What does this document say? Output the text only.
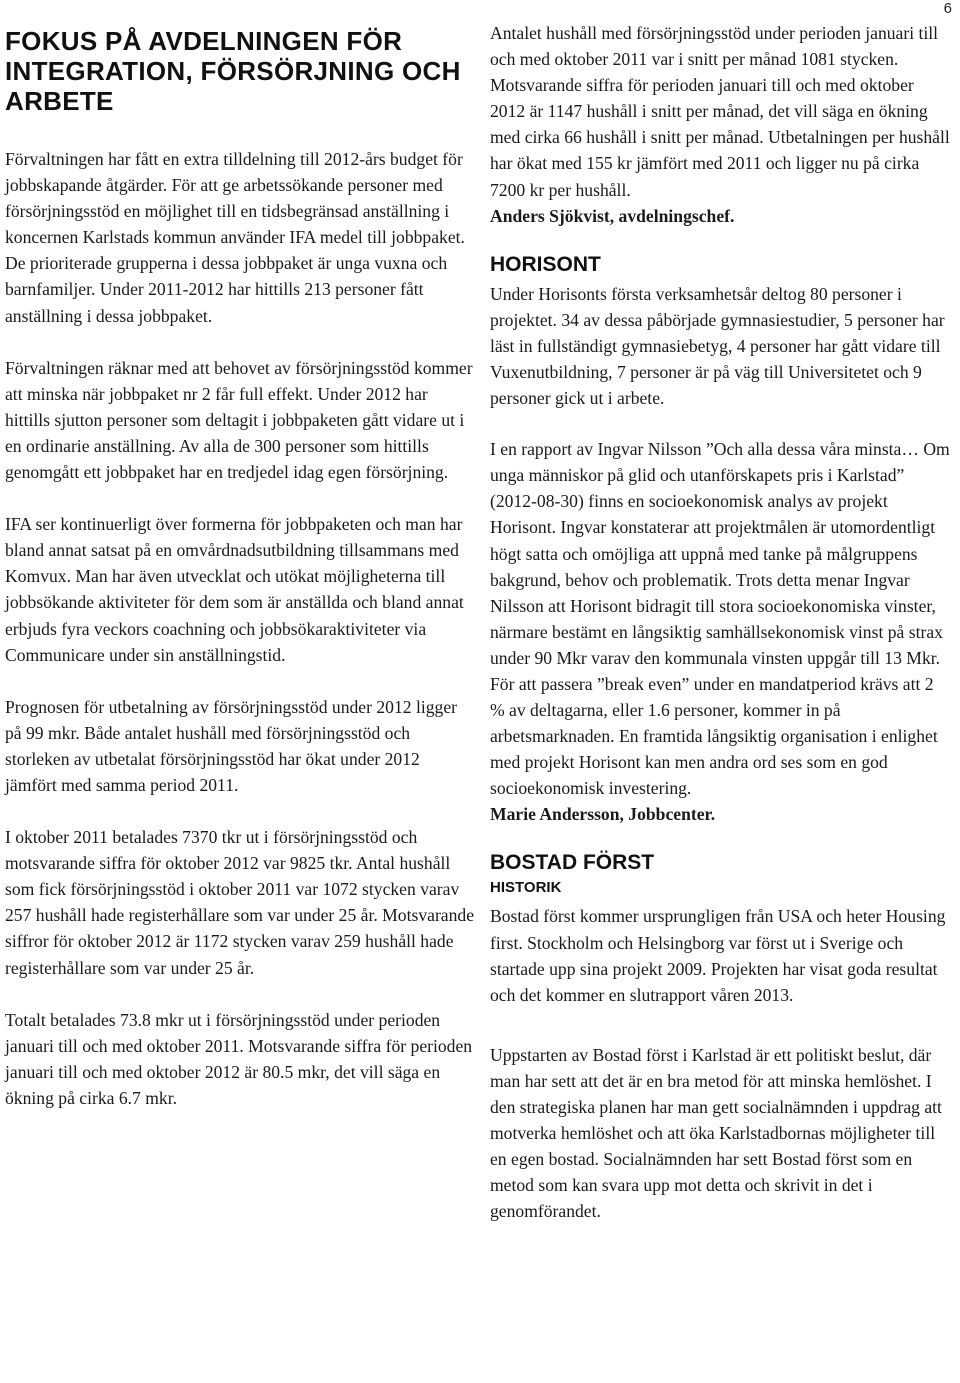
6
FOKUS PÅ AVDELNINGEN FÖR INTEGRATION, FÖRSÖRJNING OCH ARBETE

Förvaltningen har fått en extra tilldelning till 2012-års budget för jobbskapande åtgärder. För att ge arbetssökande personer med försörjningsstöd en möjlighet till en tidsbegränsad anställning i koncernen Karlstads kommun använder IFA medel till jobbpaket. De prioriterade grupperna i dessa jobbpaket är unga vuxna och barnfamiljer. Under 2011-2012 har hittills 213 personer fått anställning i dessa jobbpaket.

Förvaltningen räknar med att behovet av försörjningsstöd kommer att minska när jobbpaket nr 2 får full effekt. Under 2012 har hittills sjutton personer som deltagit i jobbpaketen gått vidare ut i en ordinarie anställning. Av alla de 300 personer som hittills genomgått ett jobbpaket har en tredjedel idag egen försörjning.

IFA ser kontinuerligt över formerna för jobbpaketen och man har bland annat satsat på en omvårdnadsutbildning tillsammans med Komvux. Man har även utvecklat och utökat möjligheterna till jobbsökande aktiviteter för dem som är anställda och bland annat erbjuds fyra veckors coachning och jobbsökaraktiviteter via Communicare under sin anställningstid.

Prognosen för utbetalning av försörjningsstöd under 2012 ligger på 99 mkr. Både antalet hushåll med försörjningsstöd och storleken av utbetalat försörjningsstöd har ökat under 2012 jämfört med samma period 2011.

I oktober 2011 betalades 7370 tkr ut i försörjningsstöd och motsvarande siffra för oktober 2012 var 9825 tkr. Antal hushåll som fick försörjningsstöd i oktober 2011 var 1072 stycken varav 257 hushåll hade registerhållare som var under 25 år. Motsvarande siffror för oktober 2012 är 1172 stycken varav 259 hushåll hade registerhållare som var under 25 år.

Totalt betalades 73.8 mkr ut i försörjningsstöd under perioden januari till och med oktober 2011. Motsvarande siffra för perioden januari till och med oktober 2012 är 80.5 mkr, det vill säga en ökning på cirka 6.7 mkr.

Antalet hushåll med försörjningsstöd under perioden januari till och med oktober 2011 var i snitt per månad 1081 stycken. Motsvarande siffra för perioden januari till och med oktober 2012 är 1147 hushåll i snitt per månad, det vill säga en ökning med cirka 66 hushåll i snitt per månad. Utbetalningen per hushåll har ökat med 155 kr jämfört med 2011 och ligger nu på cirka 7200 kr per hushåll.

Anders Sjökvist, avdelningschef.
HORISONT

Under Horisonts första verksamhetsår deltog 80 personer i projektet. 34 av dessa påbörjade gymnasiestudier, 5 personer har läst in fullständigt gymnasiebetyg, 4 personer har gått vidare till Vuxenutbildning, 7 personer är på väg till Universitetet och 9 personer gick ut i arbete.

I en rapport av Ingvar Nilsson ”Och alla dessa våra minsta… Om unga människor på glid och utanförskapets pris i Karlstad” (2012-08-30) finns en socioekonomisk analys av projekt Horisont. Ingvar konstaterar att projektmålen är utomordentligt högt satta och omöjliga att uppnå med tanke på målgruppens bakgrund, behov och problematik. Trots detta menar Ingvar Nilsson att Horisont bidragit till stora socioekonomiska vinster, närmare bestämt en långsiktig samhällsekonomisk vinst på strax under 90 Mkr varav den kommunala vinsten uppgår till 13 Mkr. För att passera ”break even” under en mandatperiod krävs att 2 % av deltagarna, eller 1.6 personer, kommer in på arbetsmarknaden. En framtida långsiktig organisation i enlighet med projekt Horisont kan men andra ord ses som en god socioekonomisk investering.

Marie Andersson, Jobbcenter.
BOSTAD FÖRST
HISTORIK

Bostad först kommer ursprungligen från USA och heter Housing first. Stockholm och Helsingborg var först ut i Sverige och startade upp sina projekt 2009. Projekten har visat goda resultat och det kommer en slutrapport våren 2013.

Uppstarten av Bostad först i Karlstad är ett politiskt beslut, där man har sett att det är en bra metod för att minska hemlöshet. I den strategiska planen har man gett socialnämnden i uppdrag att motverka hemlöshet och att öka Karlstadbornas möjligheter till en egen bostad. Socialnämnden har sett Bostad först som en metod som kan svara upp mot detta och skrivit in det i genomförandet.
